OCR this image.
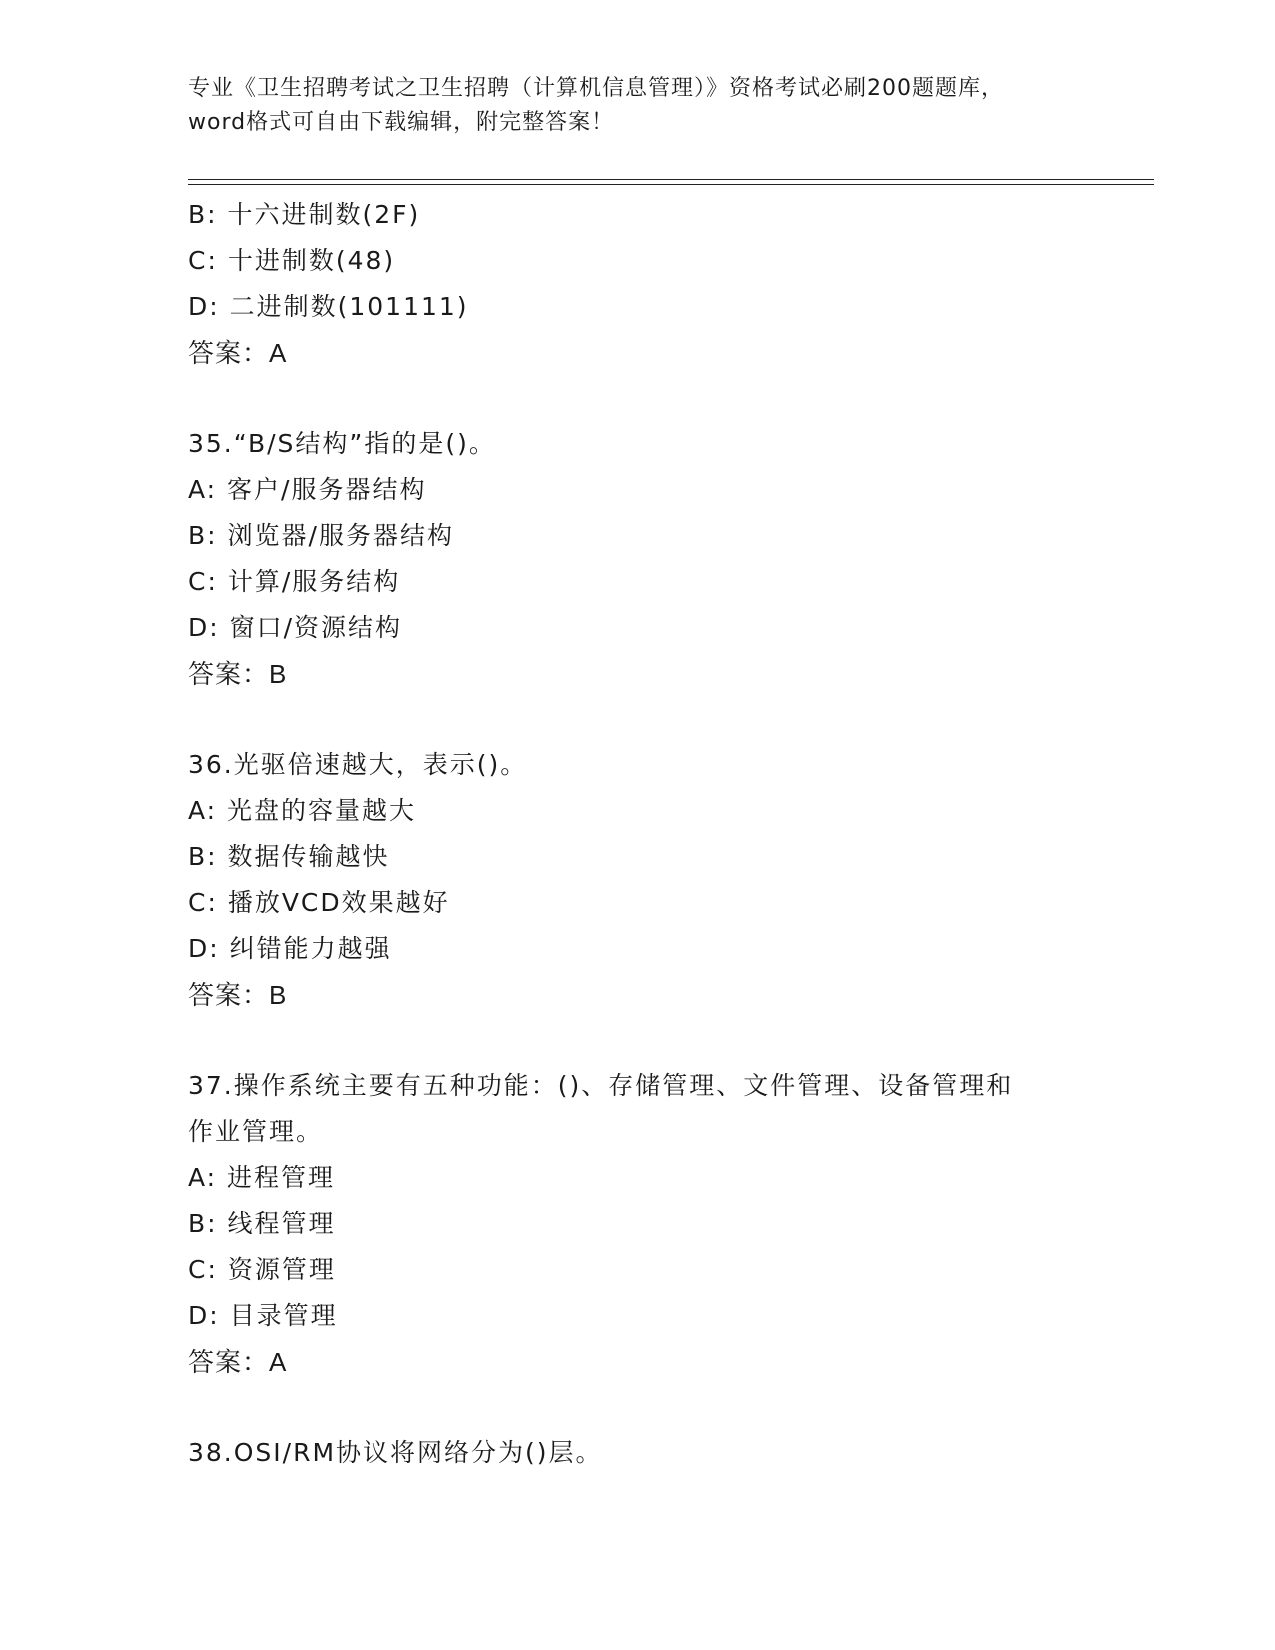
专业《卫生招聘考试之卫生招聘（计算机信息管理）》资格考试必刷200题题库，
word格式可自由下载编辑，附完整答案！
B: 十六进制数(2F)
C: 十进制数(48)
D: 二进制数(101111)
答案：A
35.“B/S结构”指的是()。
A: 客户/服务器结构
B: 浏览器/服务器结构
C: 计算/服务结构
D: 窗口/资源结构
答案：B
36.光驱倍速越大，表示()。
A: 光盘的容量越大
B: 数据传输越快
C: 播放VCD效果越好
D: 纠错能力越强
答案：B
37.操作系统主要有五种功能：()、存储管理、文件管理、设备管理和
作业管理。
A: 进程管理
B: 线程管理
C: 资源管理
D: 目录管理
答案：A
38.OSI/RM协议将网络分为()层。
